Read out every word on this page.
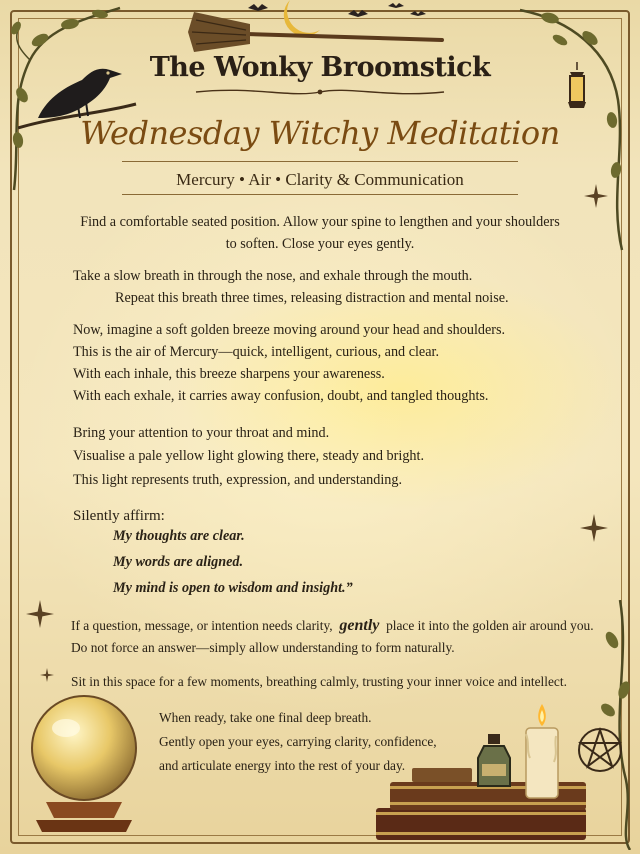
The Wonky Broomstick
Wednesday Witchy Meditation
Mercury • Air • Clarity & Communication
Find a comfortable seated position. Allow your spine to lengthen and your shoulders
to soften. Close your eyes gently.
Take a slow breath in through the nose, and exhale through the mouth.
Repeat this breath three times, releasing distraction and mental noise.
Now, imagine a soft golden breeze moving around your head and shoulders.
This is the air of Mercury—quick, intelligent, curious, and clear.
With each inhale, this breeze sharpens your awareness.
With each exhale, it carries away confusion, doubt, and tangled thoughts.
Bring your attention to your throat and mind.
Visualise a pale yellow light glowing there, steady and bright.
This light represents truth, expression, and understanding.
Silently affirm:
My thoughts are clear.
My words are aligned.
My mind is open to wisdom and insight.”
If a question, message, or intention needs clarity, gently place it into the golden air around you.
Do not force an answer—simply allow understanding to form naturally.
Sit in this space for a few moments, breathing calmly, trusting your inner voice and intellect.
When ready, take one final deep breath.
Gently open your eyes, carrying clarity, confidence,
and articulate energy into the rest of your day.
